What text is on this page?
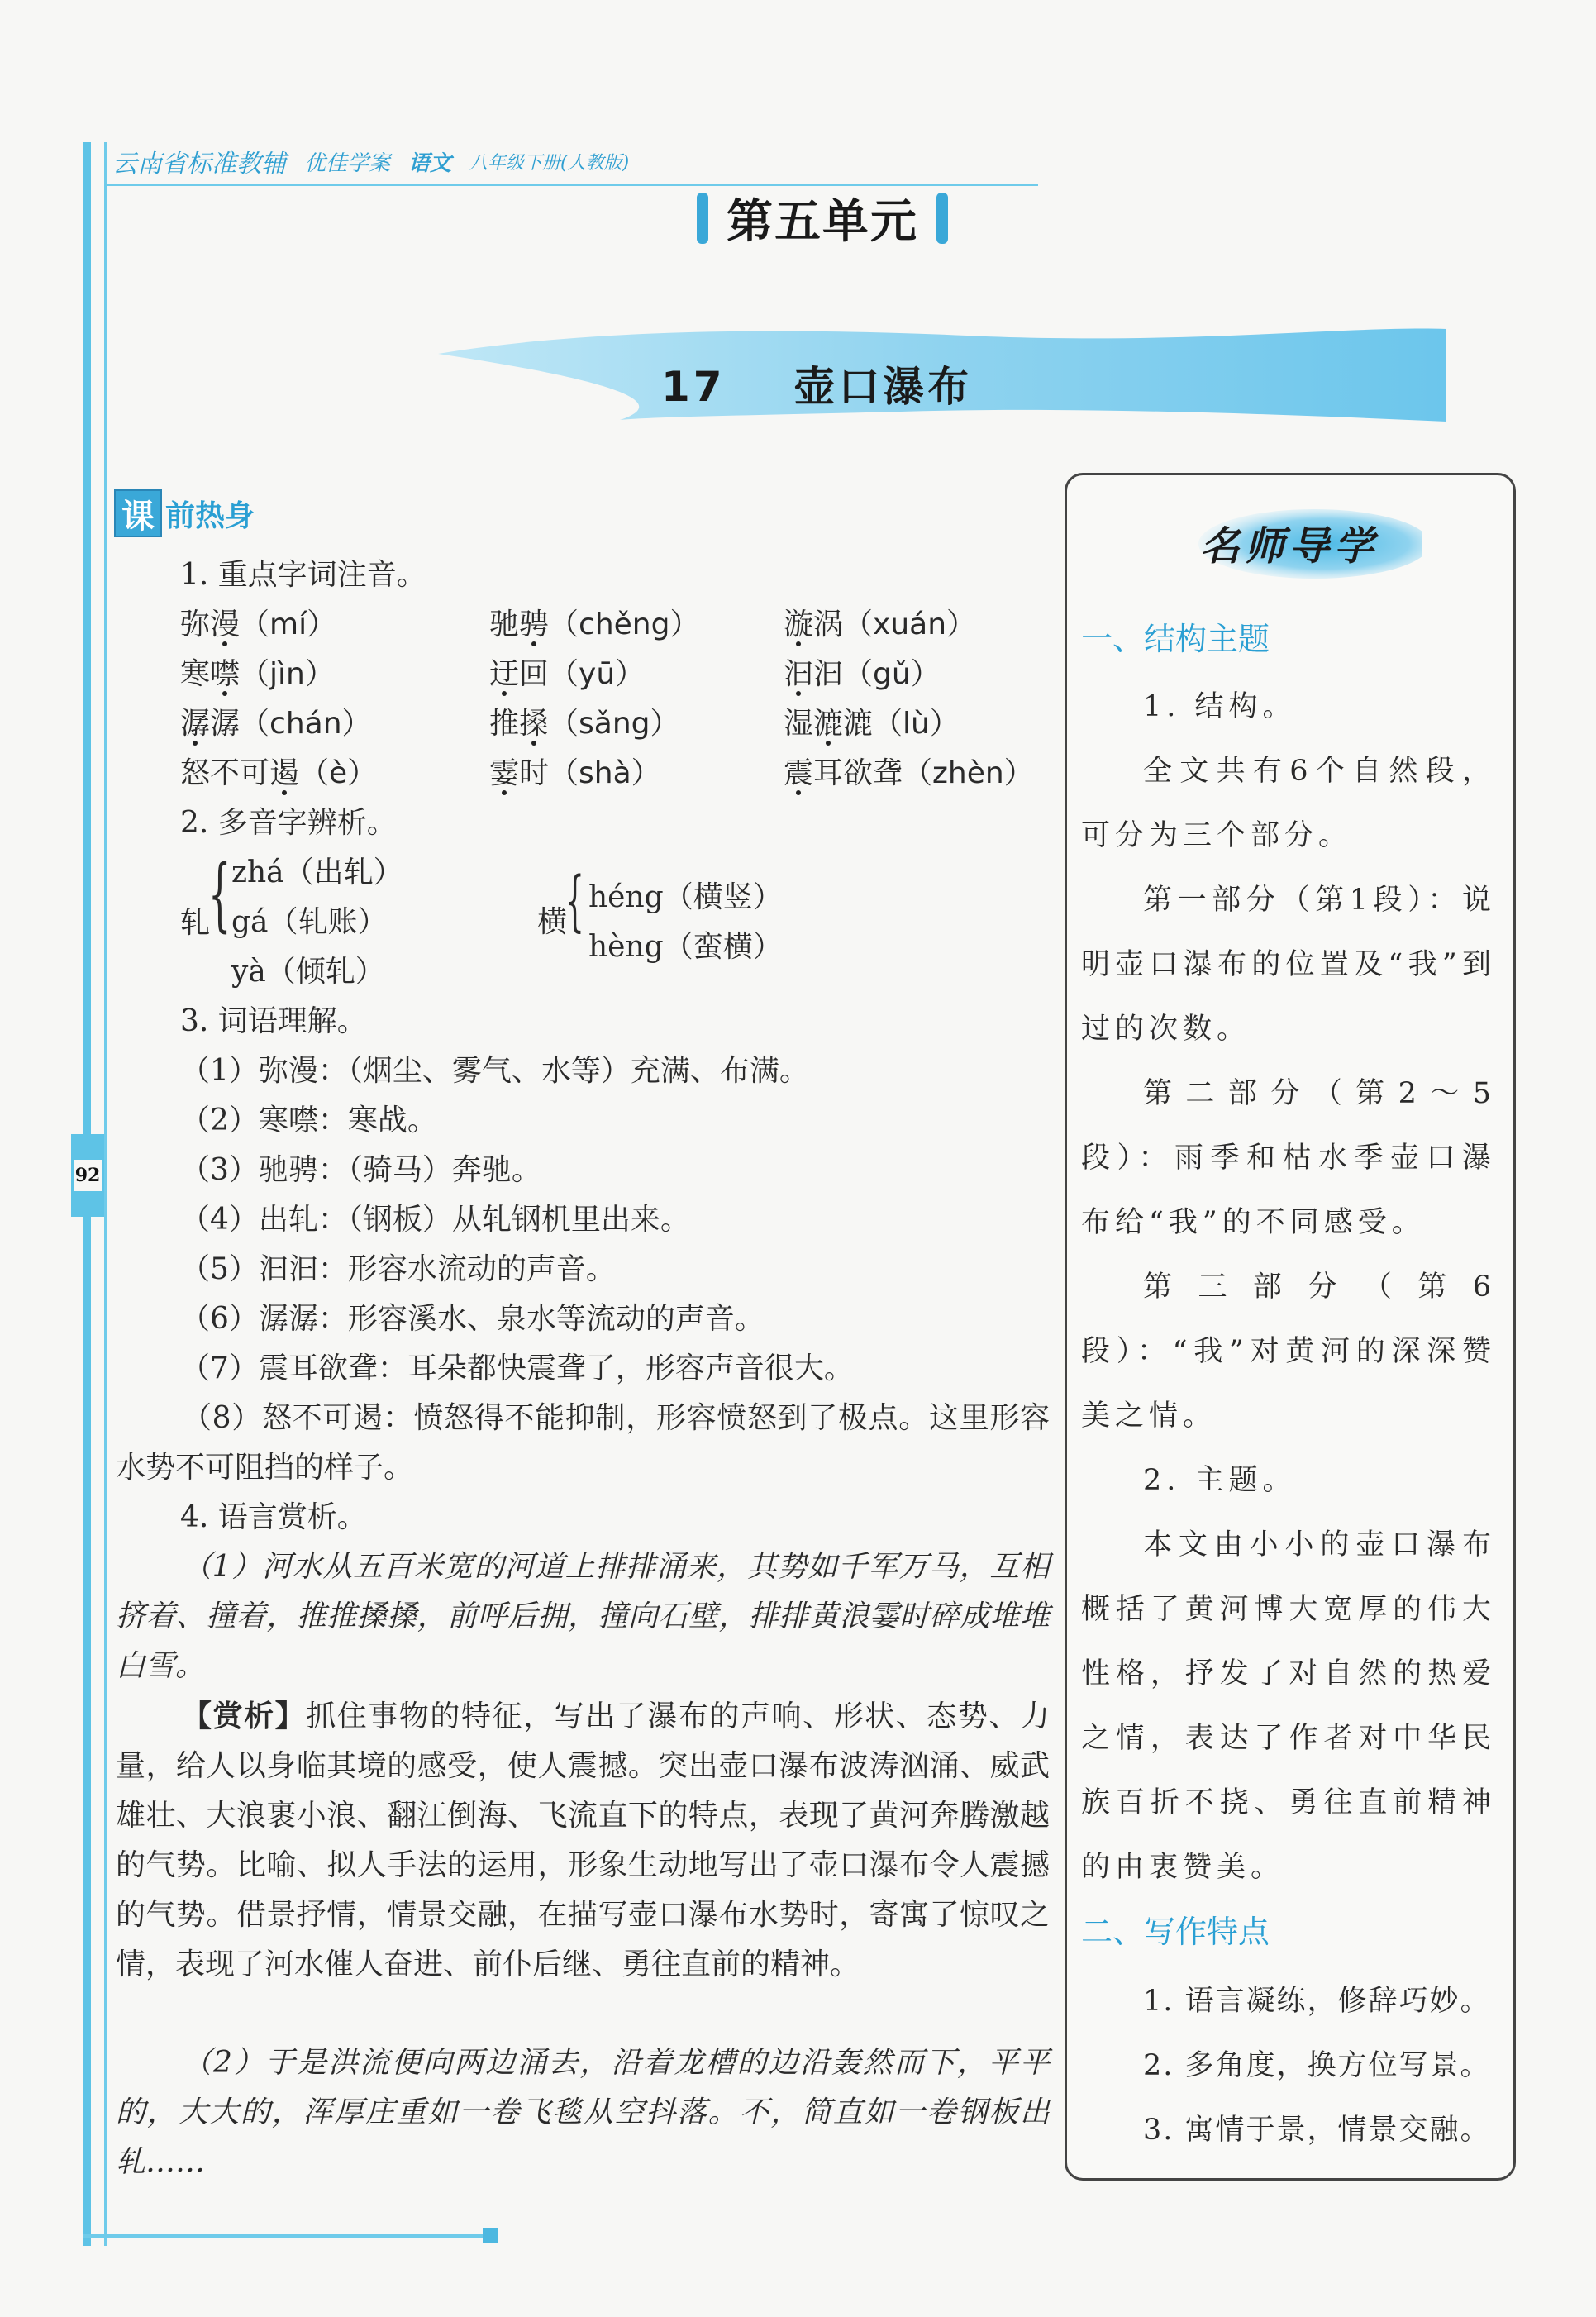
云南省标准教辅 优佳学案 语文 八年级下册(人教版)
92
第五单元
17 壶口瀑布
课 前热身
1. 重点字词注音。
弥漫（mí）	驰骋（chěng）	漩涡（xuán）
寒噤（jìn）	迂回（yū）	汩汩（gǔ）
潺潺（chán）	推搡（sǎng）	湿漉漉（lù）
怒不可遏（è）	霎时（shà）	震耳欲聋（zhèn）
2. 多音字辨析。
轧
{ zhá（出轧）
gá（轧账）
yà（倾轧）
横
{ héng（横竖）
hèng（蛮横）
3. 词语理解。
（1）弥漫：（烟尘、雾气、水等）充满、布满。
（2）寒噤：寒战。
（3）驰骋：（骑马）奔驰。
（4）出轧：（钢板）从轧钢机里出来。
（5）汩汩：形容水流动的声音。
（6）潺潺：形容溪水、泉水等流动的声音。
（7）震耳欲聋：耳朵都快震聋了，形容声音很大。
（8）怒不可遏：愤怒得不能抑制，形容愤怒到了极点。这里形容水势不可阻挡的样子。
4. 语言赏析。
（1）河水从五百米宽的河道上排排涌来，其势如千军万马，互相挤着、撞着，推推搡搡，前呼后拥，撞向石壁，排排黄浪霎时碎成堆堆白雪。
【赏析】抓住事物的特征，写出了瀑布的声响、形状、态势、力量，给人以身临其境的感受，使人震撼。突出壶口瀑布波涛汹涌、威武雄壮、大浪裹小浪、翻江倒海、飞流直下的特点，表现了黄河奔腾激越的气势。比喻、拟人手法的运用，形象生动地写出了壶口瀑布令人震撼的气势。借景抒情，情景交融，在描写壶口瀑布水势时，寄寓了惊叹之情，表现了河水催人奋进、前仆后继、勇往直前的精神。
（2）于是洪流便向两边涌去，沿着龙槽的边沿轰然而下，平平的，大大的，浑厚庄重如一卷飞毯从空抖落。不，简直如一卷钢板出轧……
名师导学
一、结构主题
1. 结构。
全文共有6个自然段，可分为三个部分。
第一部分（第1段）：说明壶口瀑布的位置及“我”到过的次数。
第二部分（第2～5段）：雨季和枯水季壶口瀑布给“我”的不同感受。
第三部分（第6段）：“我”对黄河的深深赞美之情。
2. 主题。
本文由小小的壶口瀑布概括了黄河博大宽厚的伟大性格，抒发了对自然的热爱之情，表达了作者对中华民族百折不挠、勇往直前精神的由衷赞美。
二、写作特点
1. 语言凝练，修辞巧妙。
2. 多角度，换方位写景。
3. 寓情于景，情景交融。
